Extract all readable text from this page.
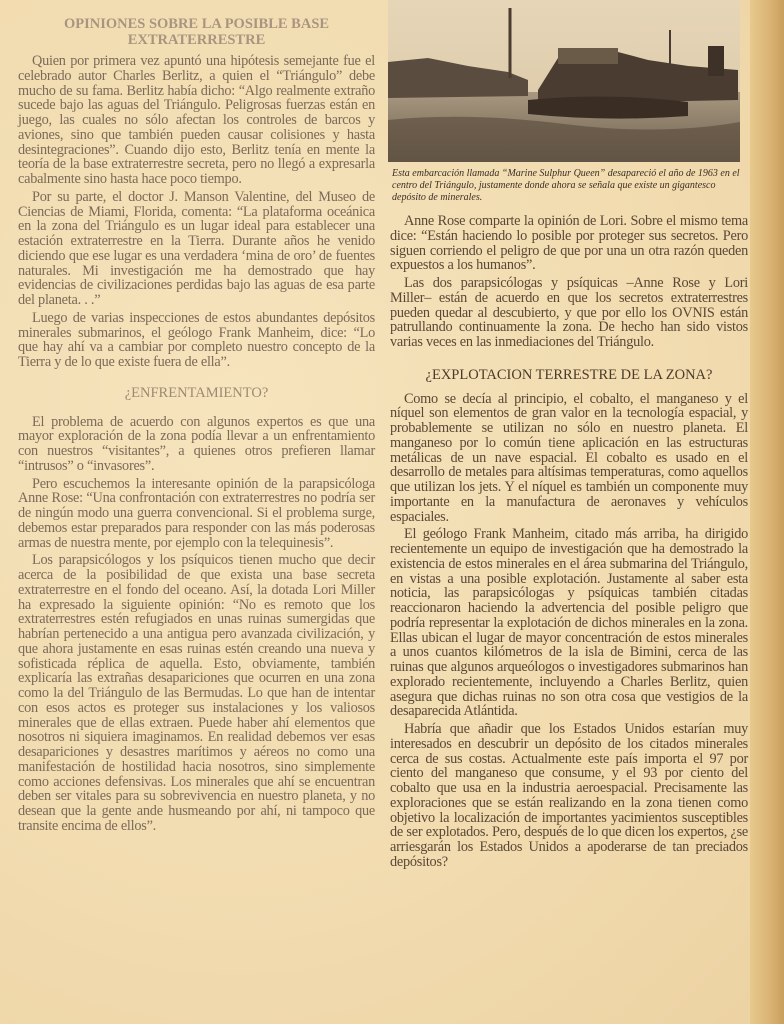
OPINIONES SOBRE LA POSIBLE BASE EXTRATERRESTRE

Quien por primera vez apuntó una hipótesis semejante fue el celebrado autor Charles Berlitz, a quien el “Triángulo” debe mucho de su fama. Berlitz había dicho: “Algo realmente extraño sucede bajo las aguas del Triángulo. Peligrosas fuerzas están en juego, las cuales no sólo afectan los controles de barcos y aviones, sino que también pueden causar colisiones y hasta desintegraciones”. Cuando dijo esto, Berlitz tenía en mente la teoría de la base extraterrestre secreta, pero no llegó a expresarla cabalmente sino hasta hace poco tiempo.

Por su parte, el doctor J. Manson Valentine, del Museo de Ciencias de Miami, Florida, comenta: “La plataforma oceánica en la zona del Triángulo es un lugar ideal para establecer una estación extraterrestre en la Tierra. Durante años he venido diciendo que ese lugar es una verdadera ‘mina de oro’ de fuentes naturales. Mi investigación me ha demostrado que hay evidencias de civilizaciones perdidas bajo las aguas de esa parte del planeta. . .”

Luego de varias inspecciones de estos abundantes depósitos minerales submarinos, el geólogo Frank Manheim, dice: “Lo que hay ahí va a cambiar por completo nuestro concepto de la Tierra y de lo que existe fuera de ella”.

¿ENFRENTAMIENTO?

El problema de acuerdo con algunos expertos es que una mayor exploración de la zona podía llevar a un enfrentamiento con nuestros “visitantes”, a quienes otros prefieren llamar “intrusos” o “invasores”.

Pero escuchemos la interesante opinión de la parapsicóloga Anne Rose: “Una confrontación con extraterrestres no podría ser de ningún modo una guerra convencional. Si el problema surge, debemos estar preparados para responder con las más poderosas armas de nuestra mente, por ejemplo con la telequinesis”.

Los parapsicólogos y los psíquicos tienen mucho que decir acerca de la posibilidad de que exista una base secreta extraterrestre en el fondo del oceano. Así, la dotada Lori Miller ha expresado la siguiente opinión: “No es remoto que los extraterrestres estén refugiados en unas ruinas sumergidas que habrían pertenecido a una antigua pero avanzada civilización, y que ahora justamente en esas ruinas estén creando una nueva y sofisticada réplica de aquella. Esto, obviamente, también explicaría las extrañas desapariciones que ocurren en una zona como la del Triángulo de las Bermudas. Lo que han de intentar con esos actos es proteger sus instalaciones y los valiosos minerales que de ellas extraen. Puede haber ahí elementos que nosotros ni siquiera imaginamos. En realidad debemos ver esas desapariciones y desastres marítimos y aéreos no como una manifestación de hostilidad hacia nosotros, sino simplemente como acciones defensivas. Los minerales que ahí se encuentran deben ser vitales para su sobrevivencia en nuestro planeta, y no desean que la gente ande husmeando por ahí, ni tampoco que transite encima de ellos”.

Esta embarcación llamada “Marine Sulphur Queen” desapareció el año de 1963 en el centro del Triángulo, justamente donde ahora se señala que existe un gigantesco depósito de minerales.

Anne Rose comparte la opinión de Lori. Sobre el mismo tema dice: “Están haciendo lo posible por proteger sus secretos. Pero siguen corriendo el peligro de que por una un otra razón queden expuestos a los humanos”.

Las dos parapsicólogas y psíquicas –Anne Rose y Lori Miller– están de acuerdo en que los secretos extraterrestres pueden quedar al descubierto, y que por ello los OVNIS están patrullando continuamente la zona. De hecho han sido vistos varias veces en las inmediaciones del Triángulo.

¿EXPLOTACION TERRESTRE DE LA ZONA?

Como se decía al principio, el cobalto, el manganeso y el níquel son elementos de gran valor en la tecnología espacial, y probablemente se utilizan no sólo en nuestro planeta. El manganeso por lo común tiene aplicación en las estructuras metálicas de un nave espacial. El cobalto es usado en el desarrollo de metales para altísimas temperaturas, como aquellos que utilizan los jets. Y el níquel es también un componente muy importante en la manufactura de aeronaves y vehículos espaciales.

El geólogo Frank Manheim, citado más arriba, ha dirigido recientemente un equipo de investigación que ha demostrado la existencia de estos minerales en el área submarina del Triángulo, en vistas a una posible explotación. Justamente al saber esta noticia, las parapsicólogas y psíquicas también citadas reaccionaron haciendo la advertencia del posible peligro que podría representar la explotación de dichos minerales en la zona. Ellas ubican el lugar de mayor concentración de estos minerales a unos cuantos kilómetros de la isla de Bimini, cerca de las ruinas que algunos arqueólogos o investigadores submarinos han explorado recientemente, incluyendo a Charles Berlitz, quien asegura que dichas ruinas no son otra cosa que vestigios de la desaparecida Atlántida.

Habría que añadir que los Estados Unidos estarían muy interesados en descubrir un depósito de los citados minerales cerca de sus costas. Actualmente este país importa el 97 por ciento del manganeso que consume, y el 93 por ciento del cobalto que usa en la industria aeroespacial. Precisamente las exploraciones que se están realizando en la zona tienen como objetivo la localización de importantes yacimientos susceptibles de ser explotados. Pero, después de lo que dicen los expertos, ¿se arriesgarán los Estados Unidos a apoderarse de tan preciados depósitos?
